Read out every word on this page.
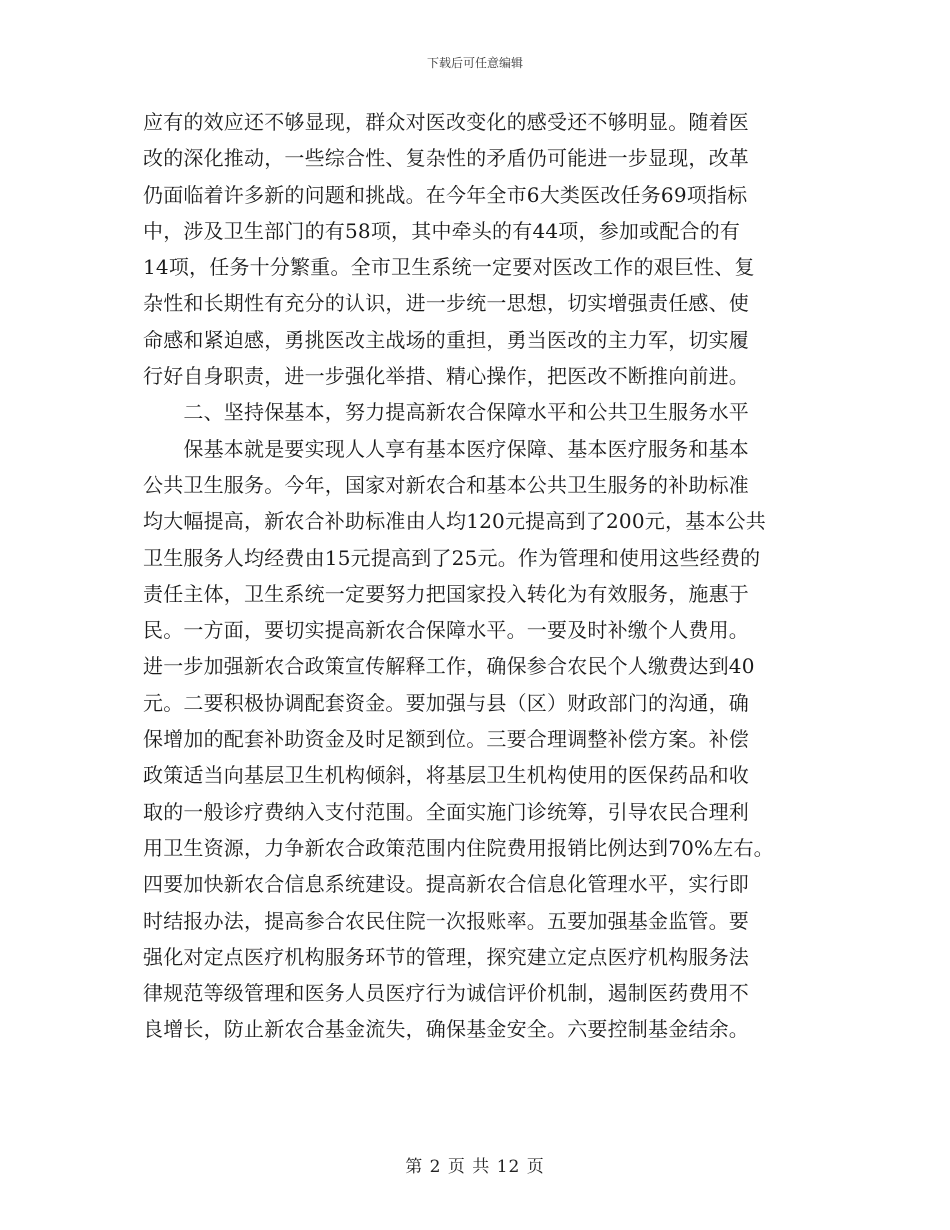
下载后可任意编辑
应有的效应还不够显现，群众对医改变化的感受还不够明显。随着医
改的深化推动，一些综合性、复杂性的矛盾仍可能进一步显现，改革
仍面临着许多新的问题和挑战。在今年全市6大类医改任务69项指标
中，涉及卫生部门的有58项，其中牵头的有44项，参加或配合的有
14项，任务十分繁重。全市卫生系统一定要对医改工作的艰巨性、复
杂性和长期性有充分的认识，进一步统一思想，切实增强责任感、使
命感和紧迫感，勇挑医改主战场的重担，勇当医改的主力军，切实履
行好自身职责，进一步强化举措、精心操作，把医改不断推向前进。
　　二、坚持保基本，努力提高新农合保障水平和公共卫生服务水平
　　保基本就是要实现人人享有基本医疗保障、基本医疗服务和基本
公共卫生服务。今年，国家对新农合和基本公共卫生服务的补助标准
均大幅提高，新农合补助标准由人均120元提高到了200元，基本公共
卫生服务人均经费由15元提高到了25元。作为管理和使用这些经费的
责任主体，卫生系统一定要努力把国家投入转化为有效服务，施惠于
民。一方面，要切实提高新农合保障水平。一要及时补缴个人费用。
进一步加强新农合政策宣传解释工作，确保参合农民个人缴费达到40
元。二要积极协调配套资金。要加强与县（区）财政部门的沟通，确
保增加的配套补助资金及时足额到位。三要合理调整补偿方案。补偿
政策适当向基层卫生机构倾斜，将基层卫生机构使用的医保药品和收
取的一般诊疗费纳入支付范围。全面实施门诊统筹，引导农民合理利
用卫生资源，力争新农合政策范围内住院费用报销比例达到70%左右。
四要加快新农合信息系统建设。提高新农合信息化管理水平，实行即
时结报办法，提高参合农民住院一次报账率。五要加强基金监管。要
强化对定点医疗机构服务环节的管理，探究建立定点医疗机构服务法
律规范等级管理和医务人员医疗行为诚信评价机制，遏制医药费用不
良增长，防止新农合基金流失，确保基金安全。六要控制基金结余。
第 2 页 共 12 页
